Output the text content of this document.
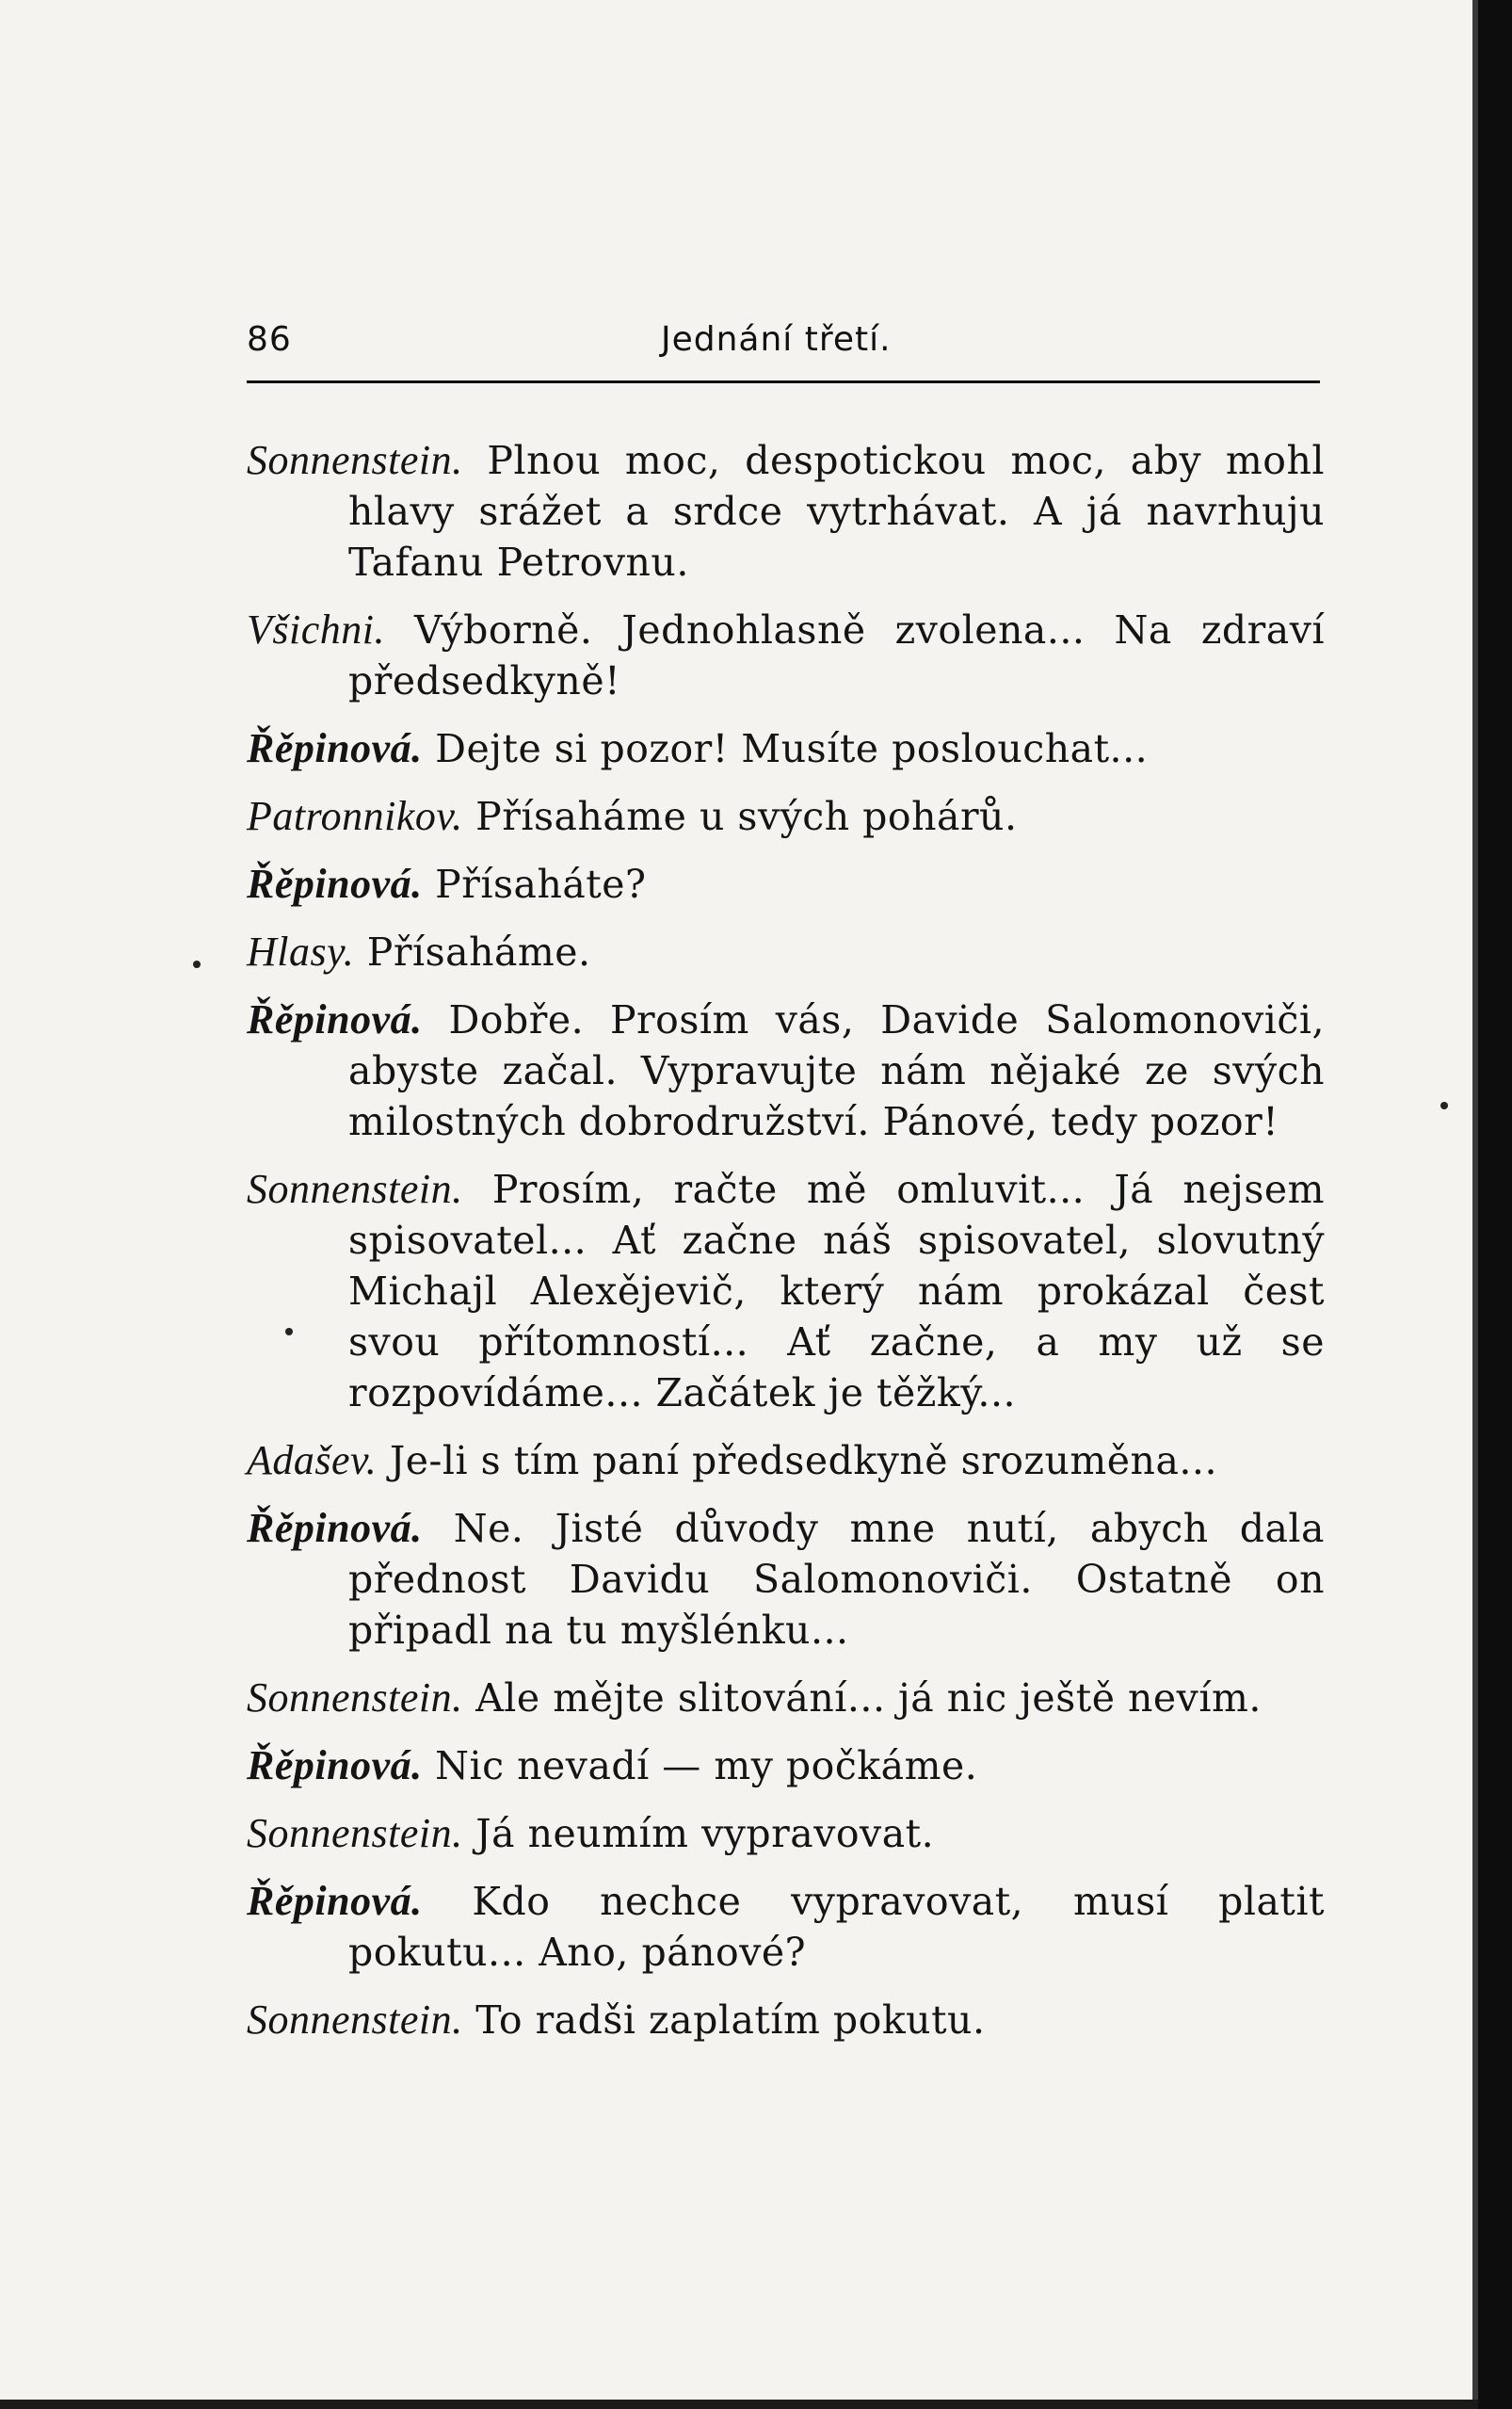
86	Jednání třetí.

Sonnenstein. Plnou moc, despotickou moc, aby mohl hlavy srážet a srdce vytrhávat. A já navrhuju Tafanu Petrovnu.

Všichni. Výborně. Jednohlasně zvolena... Na zdraví předsedkyně!

Řěpinová. Dejte si pozor! Musíte poslouchat...

Patronnikov. Přísaháme u svých pohárů.

Řěpinová. Přísaháte?

Hlasy. Přísaháme.

Řěpinová. Dobře. Prosím vás, Davide Salomonoviči, abyste začal. Vypravujte nám nějaké ze svých milostných dobrodružství. Pánové, tedy pozor!

Sonnenstein. Prosím, račte mě omluvit... Já nejsem spisovatel... Ať začne náš spisovatel, slovutný Michajl Alexějevič, který nám prokázal čest svou přítomností... Ať začne, a my už se rozpovídáme... Začátek je těžký...

Adašev. Je-li s tím paní předsedkyně srozuměna...

Řěpinová. Ne. Jisté důvody mne nutí, abych dala přednost Davidu Salomonoviči. Ostatně on připadl na tu myšlénku...

Sonnenstein. Ale mějte slitování... já nic ještě nevím.

Řěpinová. Nic nevadí — my počkáme.

Sonnenstein. Já neumím vypravovat.

Řěpinová. Kdo nechce vypravovat, musí platit pokutu... Ano, pánové?

Sonnenstein. To radši zaplatím pokutu.
